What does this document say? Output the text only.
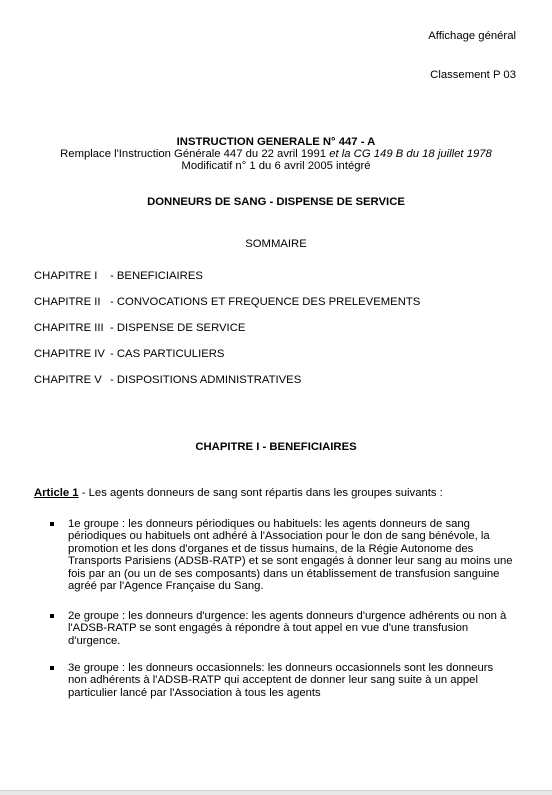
Affichage général
Classement P 03
INSTRUCTION GENERALE N° 447 - A
Remplace l'Instruction Générale 447 du 22 avril 1991 et la CG 149 B du 18 juillet 1978
Modificatif n° 1 du 6 avril 2005 intégré
DONNEURS DE SANG - DISPENSE DE SERVICE
SOMMAIRE
CHAPITRE I - BENEFICIAIRES
CHAPITRE II - CONVOCATIONS ET FREQUENCE DES PRELEVEMENTS
CHAPITRE III - DISPENSE DE SERVICE
CHAPITRE IV - CAS PARTICULIERS
CHAPITRE V - DISPOSITIONS ADMINISTRATIVES
CHAPITRE I - BENEFICIAIRES
Article 1 - Les agents donneurs de sang sont répartis dans les groupes suivants :
1e groupe : les donneurs périodiques ou habituels: les agents donneurs de sang
périodiques ou habituels ont adhéré à l'Association pour le don de sang bénévole, la
promotion et les dons d'organes et de tissus humains, de la Régie Autonome des
Transports Parisiens (ADSB-RATP) et se sont engagés à donner leur sang au moins une
fois par an (ou un de ses composants) dans un établissement de transfusion sanguine
agréé par l'Agence Française du Sang.
2e groupe : les donneurs d'urgence: les agents donneurs d'urgence adhérents ou non à
l'ADSB-RATP se sont engagés à répondre à tout appel en vue d'une transfusion
d'urgence.
3e groupe : les donneurs occasionnels: les donneurs occasionnels sont les donneurs
non adhérents à l'ADSB-RATP qui acceptent de donner leur sang suite à un appel
particulier lancé par l'Association à tous les agents
